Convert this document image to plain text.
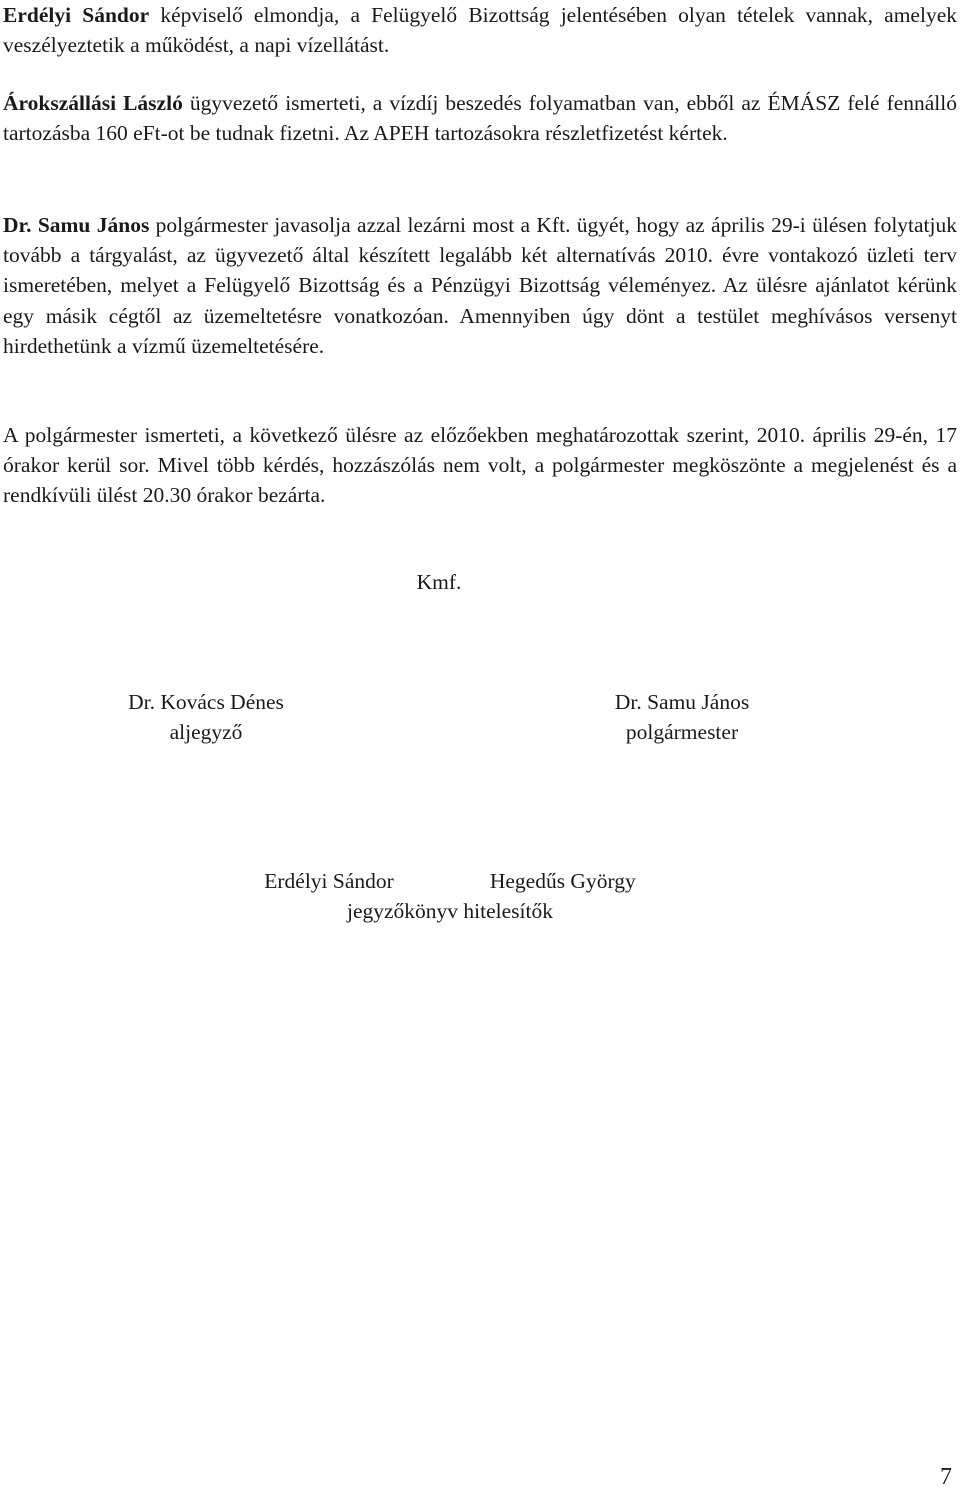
Erdélyi Sándor képviselő elmondja, a Felügyelő Bizottság jelentésében olyan tételek vannak, amelyek veszélyeztetik a működést, a napi vízellátást.

Árokszállási László ügyvezető ismerteti, a vízdíj beszedés folyamatban van, ebből az ÉMÁSZ felé fennálló tartozásba 160 eFt-ot be tudnak fizetni. Az APEH tartozásokra részletfizetést kértek.

Dr. Samu János polgármester javasolja azzal lezárni most a Kft. ügyét, hogy az április 29-i ülésen folytatjuk tovább a tárgyalást, az ügyvezető által készített legalább két alternatívás 2010. évre vontakozó üzleti terv ismeretében, melyet a Felügyelő Bizottság és a Pénzügyi Bizottság véleményez. Az ülésre ajánlatot kérünk egy másik cégtől az üzemeltetésre vonatkozóan. Amennyiben úgy dönt a testület meghívásos versenyt hirdethetünk a vízmű üzemeltetésére.

A polgármester ismerteti, a következő ülésre az előzőekben meghatározottak szerint, 2010. április 29-én, 17 órakor kerül sor. Mivel több kérdés, hozzászólás nem volt, a polgármester megköszönte a megjelenést és a rendkívüli ülést 20.30 órakor bezárta.

Kmf.

Dr. Kovács Dénes
aljegyző
Dr. Samu János
polgármester
Erdélyi Sándor	Hegedűs György
jegyzőkönyv hitelesítők

7
